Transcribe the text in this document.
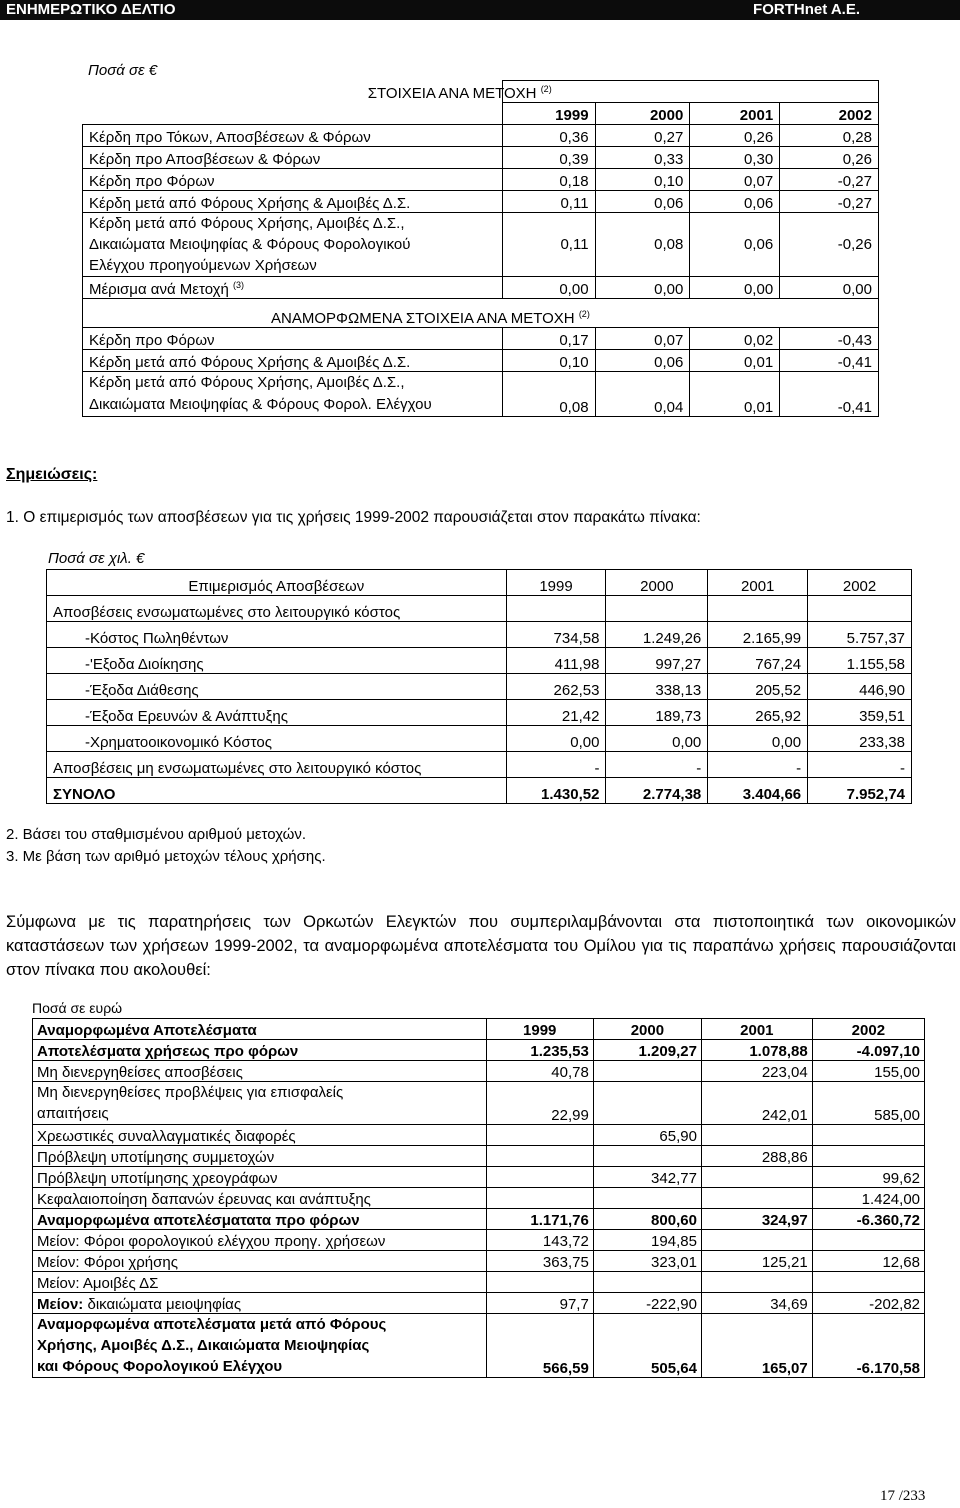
ΕΝΗΜΕΡΩΤΙΚΟ ΔΕΛΤΙΟ	FORTHnet A.E.
Ποσά σε €
	ΣΤΟΙΧΕΙΑ ΑΝΑ ΜΕΤΟΧΗ $^{(2)}$
	1999	2000	2001	2002
Κέρδη προ Τόκων, Αποσβέσεων & Φόρων	0,36	0,27	0,26	0,28
Κέρδη προ Αποσβέσεων & Φόρων	0,39	0,33	0,30	0,26
Κέρδη προ Φόρων	0,18	0,10	0,07	-0,27
Κέρδη μετά από Φόρους Χρήσης & Αμοιβές Δ.Σ.	0,11	0,06	0,06	-0,27

Κέρδη μετά από Φόρους Χρήσης, Αμοιβές Δ.Σ.,
Δικαιώματα Μειοψηφίας & Φόρους Φορολογικού
Ελέγχου προηγούμενων Χρήσεων	0,11	0,08	0,06	-0,26
Μέρισμα ανά Μετοχή $^{(3)}$	0,00	0,00	0,00	0,00
ΑΝΑΜΟΡΦΩΜΕΝΑ ΣΤΟΙΧΕΙΑ ΑΝΑ ΜΕΤΟΧΗ $^{(2)}$
Κέρδη προ Φόρων	0,17	0,07	0,02	-0,43
Κέρδη μετά από Φόρους Χρήσης & Αμοιβές Δ.Σ.	0,10	0,06	0,01	-0,41

Κέρδη μετά από Φόρους Χρήσης, Αμοιβές Δ.Σ.,
Δικαιώματα Μειοψηφίας & Φόρους Φορολ. Ελέγχου	0,08	0,04	0,01	-0,41
Σημειώσεις:
1. Ο επιμερισμός των αποσβέσεων για τις χρήσεις 1999-2002 παρουσιάζεται στον παρακάτω πίνακα:
Ποσά σε χιλ. €
Επιμερισμός Αποσβέσεων	1999	2000	2001	2002
Αποσβέσεις ενσωματωμένες στο λειτουργικό κόστος				
-Κόστος Πωληθέντων	734,58	1.249,26	2.165,99	5.757,37
-'Εξοδα Διοίκησης	411,98	997,27	767,24	1.155,58
-Έξοδα Διάθεσης	262,53	338,13	205,52	446,90
-Έξοδα Ερευνών & Ανάπτυξης	21,42	189,73	265,92	359,51
-Χρηματοοικονομικό Κόστος	0,00	0,00	0,00	233,38
Αποσβέσεις μη ενσωματωμένες στο λειτουργικό κόστος	-	-	-	-
ΣΥΝΟΛΟ	1.430,52	2.774,38	3.404,66	7.952,74
2. Βάσει του σταθμισμένου αριθμού μετοχών.
3. Με βάση των αριθμό μετοχών τέλους χρήσης.
Σύμφωνα με τις παρατηρήσεις των Ορκωτών Ελεγκτών που συμπεριλαμβάνονται στα πιστοποιητικά των οικονομικών καταστάσεων των χρήσεων 1999-2002, τα αναμορφωμένα αποτελέσματα του Ομίλου για τις παραπάνω χρήσεις παρουσιάζονται στον πίνακα που ακολουθεί:
Ποσά σε ευρώ
Αναμορφωμένα Αποτελέσματα	1999	2000	2001	2002
Αποτελέσματα χρήσεως προ φόρων	1.235,53	1.209,27	1.078,88	-4.097,10
Μη διενεργηθείσες αποσβέσεις	40,78		223,04	155,00

Μη διενεργηθείσες προβλέψεις για επισφαλείς
απαιτήσεις	22,99		242,01	585,00
Χρεωστικές συναλλαγματικές διαφορές		65,90		
Πρόβλεψη υποτίμησης συμμετοχών			288,86	
Πρόβλεψη υποτίμησης χρεογράφων		342,77		99,62
Κεφαλαιοποίηση δαπανών έρευνας και ανάπτυξης				1.424,00
Αναμορφωμένα αποτελέσματατα προ φόρων	1.171,76	800,60	324,97	-6.360,72
Μείον: Φόροι φορολογικού ελέγχου προηγ. χρήσεων	143,72	194,85		
Μείον: Φόροι χρήσης	363,75	323,01	125,21	12,68
Μείον: Αμοιβές ΔΣ				
Μείον: δικαιώματα μειοψηφίας	97,7	-222,90	34,69	-202,82

Αναμορφωμένα αποτελέσματα μετά από Φόρους
Χρήσης, Αμοιβές Δ.Σ., Δικαιώματα Μειοψηφίας
και Φόρους Φορολογικού Ελέγχου	566,59	505,64	165,07	-6.170,58
17 /233
